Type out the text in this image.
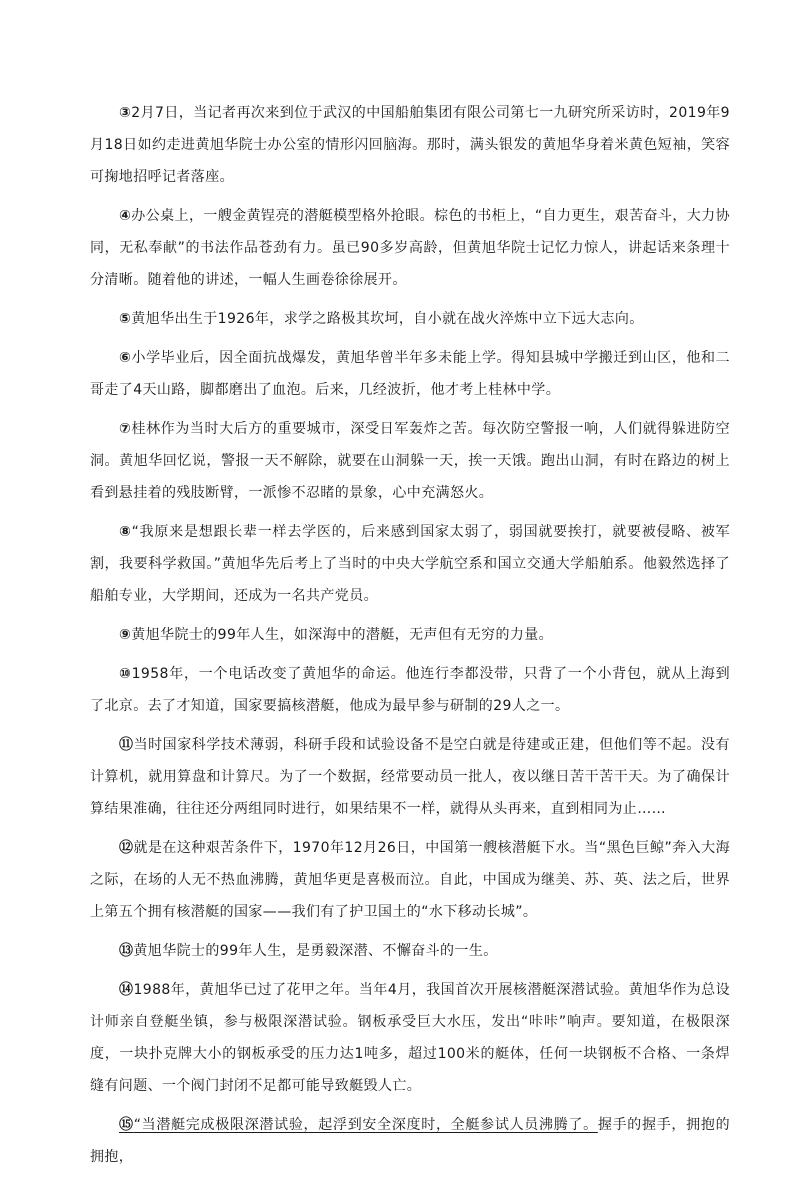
③2月7日，当记者再次来到位于武汉的中国船舶集团有限公司第七一九研究所采访时，2019年9月18日如约走进黄旭华院士办公室的情形闪回脑海。那时，满头银发的黄旭华身着米黄色短袖，笑容可掬地招呼记者落座。

④办公桌上，一艘金黄锃亮的潜艇模型格外抢眼。棕色的书柜上，“自力更生，艰苦奋斗，大力协同，无私奉献”的书法作品苍劲有力。虽已90多岁高龄，但黄旭华院士记忆力惊人，讲起话来条理十分清晰。随着他的讲述，一幅人生画卷徐徐展开。

⑤黄旭华出生于1926年，求学之路极其坎坷，自小就在战火淬炼中立下远大志向。

⑥小学毕业后，因全面抗战爆发，黄旭华曾半年多未能上学。得知县城中学搬迁到山区，他和二哥走了4天山路，脚都磨出了血泡。后来，几经波折，他才考上桂林中学。

⑦桂林作为当时大后方的重要城市，深受日军轰炸之苦。每次防空警报一响，人们就得躲进防空洞。黄旭华回忆说，警报一天不解除，就要在山洞躲一天，挨一天饿。跑出山洞，有时在路边的树上看到悬挂着的残肢断臂，一派惨不忍睹的景象，心中充满怒火。

⑧“我原来是想跟长辈一样去学医的，后来感到国家太弱了，弱国就要挨打，就要被侵略、被军割，我要科学救国。”黄旭华先后考上了当时的中央大学航空系和国立交通大学船舶系。他毅然选择了船舶专业，大学期间，还成为一名共产党员。

⑨黄旭华院士的99年人生，如深海中的潜艇，无声但有无穷的力量。

⑩1958年，一个电话改变了黄旭华的命运。他连行李都没带，只背了一个小背包，就从上海到了北京。去了才知道，国家要搞核潜艇，他成为最早参与研制的29人之一。

⑪当时国家科学技术薄弱，科研手段和试验设备不是空白就是待建或正建，但他们等不起。没有计算机，就用算盘和计算尺。为了一个数据，经常要动员一批人，夜以继日苦干苦干天。为了确保计算结果准确，往往还分两组同时进行，如果结果不一样，就得从头再来，直到相同为止……

⑫就是在这种艰苦条件下，1970年12月26日，中国第一艘核潜艇下水。当“黑色巨鲸”奔入大海之际，在场的人无不热血沸腾，黄旭华更是喜极而泣。自此，中国成为继美、苏、英、法之后，世界上第五个拥有核潜艇的国家——我们有了护卫国土的“水下移动长城”。

⑬黄旭华院士的99年人生，是勇毅深潜、不懈奋斗的一生。

⑭1988年，黄旭华已过了花甲之年。当年4月，我国首次开展核潜艇深潜试验。黄旭华作为总设计师亲自登艇坐镇，参与极限深潜试验。钢板承受巨大水压，发出“咔咔”响声。要知道，在极限深度，一块扑克牌大小的钢板承受的压力达1吨多，超过100米的艇体，任何一块钢板不合格、一条焊缝有问题、一个阀门封闭不足都可能导致艇毁人亡。

⑮“当潜艇完成极限深潜试验，起浮到安全深度时，全艇参试人员沸腾了。握手的握手，拥抱的拥抱，
